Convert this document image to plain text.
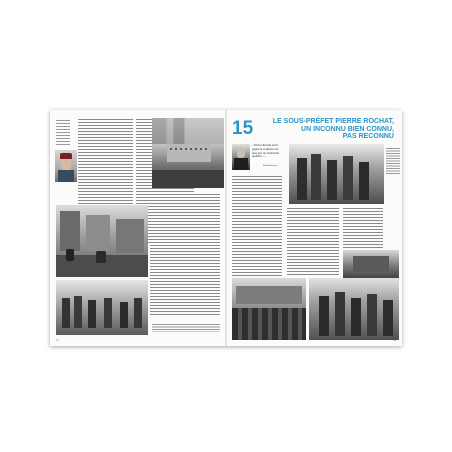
112
15	LE SOUS-PRÉFET PIERRE ROCHAT,
UN INCONNU BIEN CONNU,
PAS RECONNU
« Pierre Rochat avait gagné la confiance de tous par ses éminentes qualités... »
Benoît Brisseau
113
